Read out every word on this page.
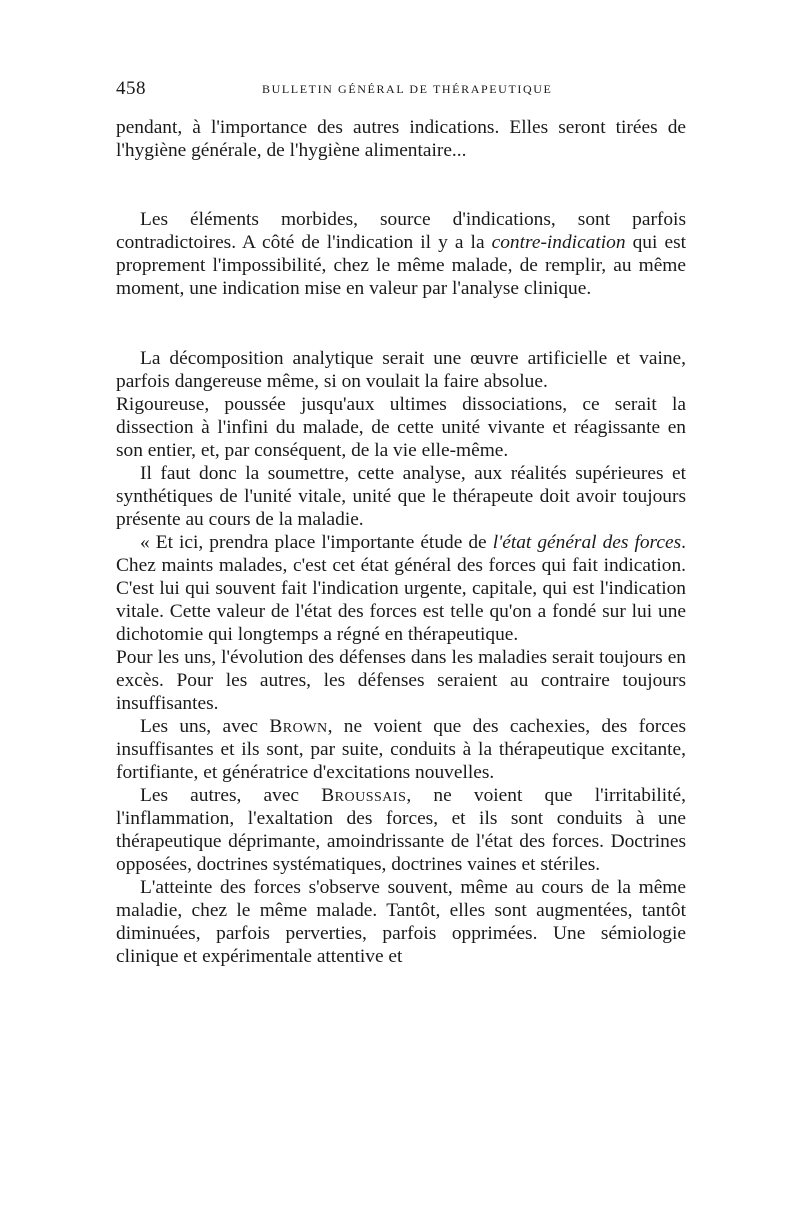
458	BULLETIN GÉNÉRAL DE THÉRAPEUTIQUE

pendant, à l'importance des autres indications. Elles seront tirées de l'hygiène générale, de l'hygiène alimentaire...

Les éléments morbides, source d'indications, sont parfois contradictoires. A côté de l'indication il y a la contre-indication qui est proprement l'impossibilité, chez le même malade, de remplir, au même moment, une indication mise en valeur par l'analyse clinique.

La décomposition analytique serait une œuvre artificielle et vaine, parfois dangereuse même, si on voulait la faire absolue.

Rigoureuse, poussée jusqu'aux ultimes dissociations, ce serait la dissection à l'infini du malade, de cette unité vivante et réagissante en son entier, et, par conséquent, de la vie elle-même.

Il faut donc la soumettre, cette analyse, aux réalités supérieures et synthétiques de l'unité vitale, unité que le thérapeute doit avoir toujours présente au cours de la maladie.

« Et ici, prendra place l'importante étude de l'état général des forces. Chez maints malades, c'est cet état général des forces qui fait indication. C'est lui qui souvent fait l'indication urgente, capitale, qui est l'indication vitale. Cette valeur de l'état des forces est telle qu'on a fondé sur lui une dichotomie qui longtemps a régné en thérapeutique.

Pour les uns, l'évolution des défenses dans les maladies serait toujours en excès. Pour les autres, les défenses seraient au contraire toujours insuffisantes.

Les uns, avec Brown, ne voient que des cachexies, des forces insuffisantes et ils sont, par suite, conduits à la thérapeutique excitante, fortifiante, et génératrice d'excitations nouvelles.

Les autres, avec Broussais, ne voient que l'irritabilité, l'inflammation, l'exaltation des forces, et ils sont conduits à une thérapeutique déprimante, amoindrissante de l'état des forces. Doctrines opposées, doctrines systématiques, doctrines vaines et stériles.

L'atteinte des forces s'observe souvent, même au cours de la même maladie, chez le même malade. Tantôt, elles sont augmentées, tantôt diminuées, parfois perverties, parfois opprimées. Une sémiologie clinique et expérimentale attentive et
